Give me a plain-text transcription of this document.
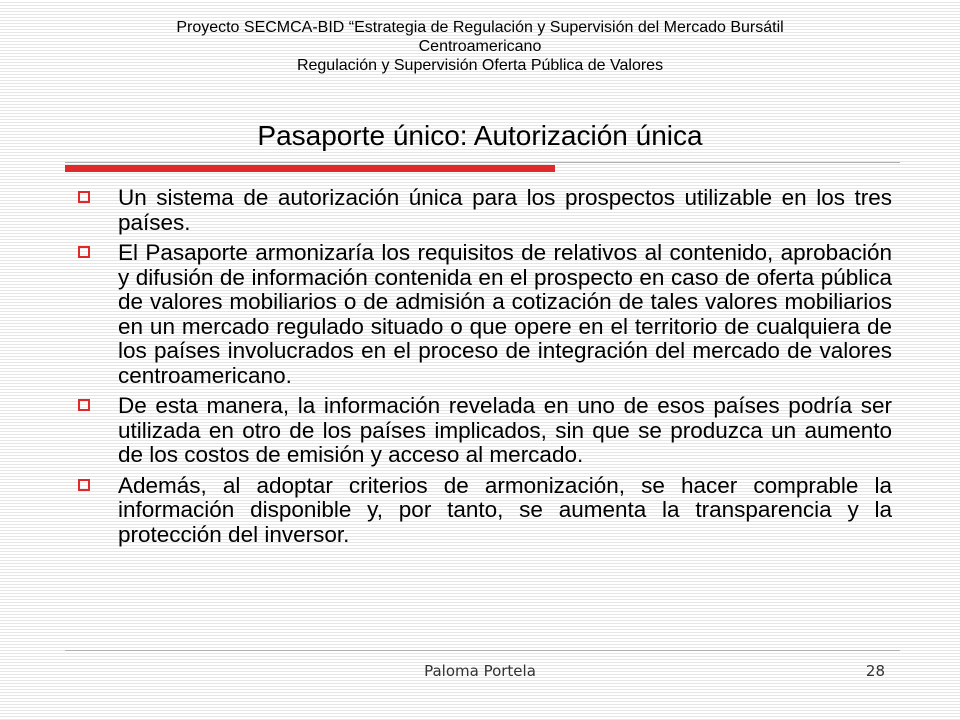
Proyecto SECMCA-BID “Estrategia de Regulación y Supervisión del Mercado Bursátil
Centroamericano
Regulación y Supervisión Oferta Pública de Valores
Pasaporte único: Autorización única
Un sistema de autorización única para los prospectos utilizable en los tres países.
El Pasaporte armonizaría los requisitos de relativos al contenido, aprobación y difusión de información contenida en el prospecto en caso de oferta pública de valores mobiliarios o de admisión a cotización de tales valores mobiliarios en un mercado regulado situado o que opere en el territorio de cualquiera de los países involucrados en el proceso de integración del mercado de valores centroamericano.
De esta manera, la información revelada en uno de esos países podría ser utilizada en otro de los países implicados, sin que se produzca un aumento de los costos de emisión y acceso al mercado.
Además, al adoptar criterios de armonización, se hacer comprable la información disponible y, por tanto, se aumenta la transparencia y la protección del inversor.
Paloma Portela	28
